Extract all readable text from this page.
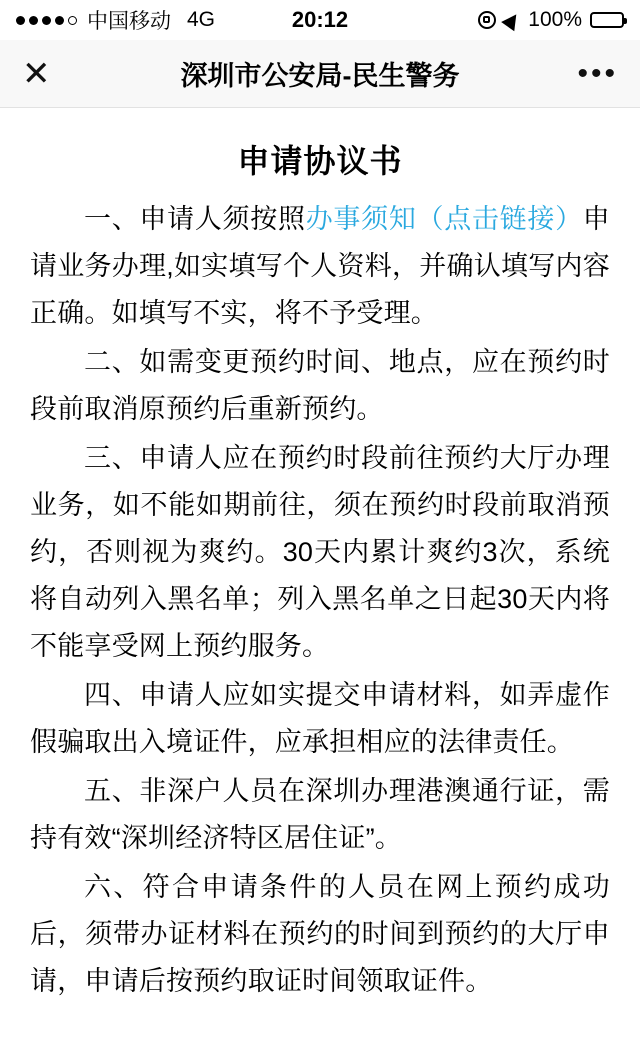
中国移动 4G	20:12	100%
✕	深圳市公安局-民生警务	•••
申请协议书
一、申请人须按照办事须知（点击链接）申请业务办理,如实填写个人资料，并确认填写内容正确。如填写不实，将不予受理。
二、如需变更预约时间、地点，应在预约时段前取消原预约后重新预约。
三、申请人应在预约时段前往预约大厅办理业务，如不能如期前往，须在预约时段前取消预约，否则视为爽约。30天内累计爽约3次，系统将自动列入黑名单；列入黑名单之日起30天内将不能享受网上预约服务。
四、申请人应如实提交申请材料，如弄虚作假骗取出入境证件，应承担相应的法律责任。
五、非深户人员在深圳办理港澳通行证，需持有效“深圳经济特区居住证”。
六、符合申请条件的人员在网上预约成功后，须带办证材料在预约的时间到预约的大厅申请，申请后按预约取证时间领取证件。
